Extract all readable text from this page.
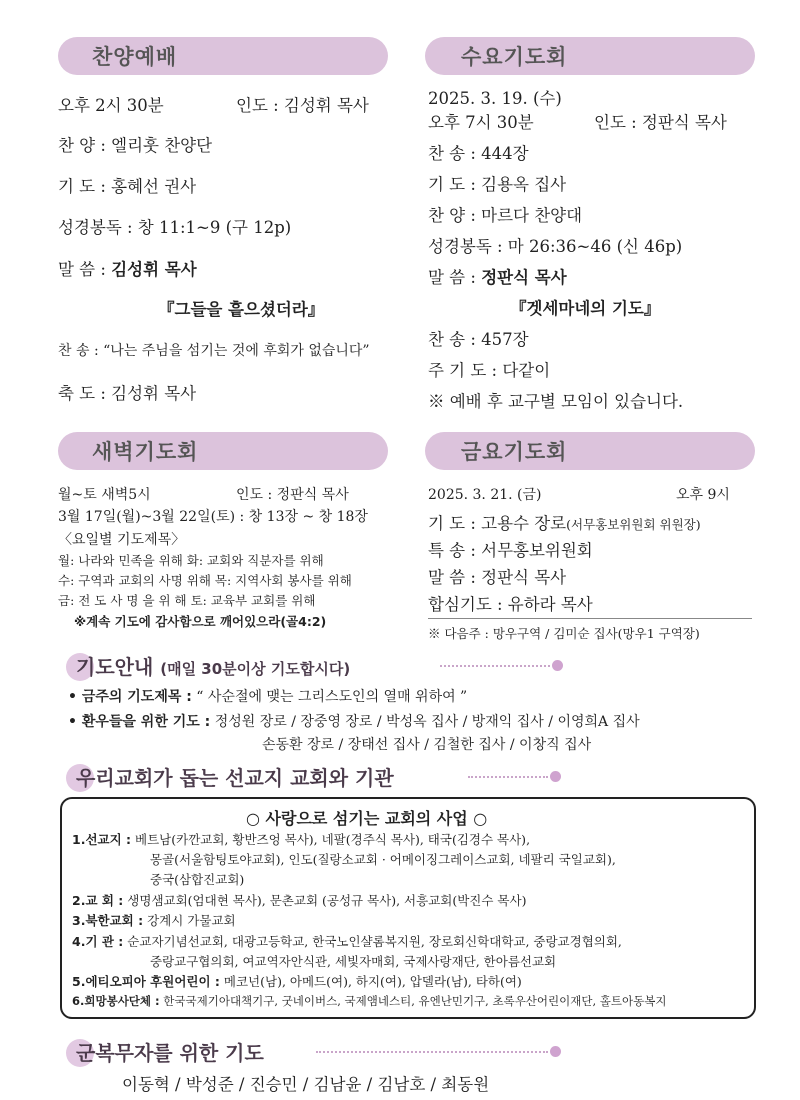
찬양예배
오후 2시 30분	인도 : 김성휘 목사
찬 양 : 엘리훗 찬양단
기 도 : 홍혜선 권사
성경봉독 : 창 11:1~9 (구 12p)
말 씀 : 김성휘 목사
『그들을 흩으셨더라』
찬 송 : “나는 주님을 섬기는 것에 후회가 없습니다”
축 도 : 김성휘 목사
수요기도회
2025. 3. 19. (수)
오후 7시 30분	인도 : 정판식 목사
찬 송 : 444장
기 도 : 김용옥 집사
찬 양 : 마르다 찬양대
성경봉독 : 마 26:36~46 (신 46p)
말 씀 : 정판식 목사
『겟세마네의 기도』
찬 송 : 457장
주 기 도 : 다같이
※ 예배 후 교구별 모임이 있습니다.
새벽기도회
월~토 새벽5시	인도 : 정판식 목사
3월 17일(월)~3월 22일(토) : 창 13장 ~ 창 18장
〈요일별 기도제목〉
월: 나라와 민족을 위해 화: 교회와 직분자를 위해
수: 구역과 교회의 사명 위해 목: 지역사회 봉사를 위해
금: 전 도 사 명 을 위 해 토: 교육부 교회를 위해
※계속 기도에 감사함으로 깨어있으라(골4:2)
금요기도회
2025. 3. 21. (금)	오후 9시
기 도 : 고용수 장로(서무홍보위원회 위원장)
특 송 : 서무홍보위원회
말 씀 : 정판식 목사
합심기도 : 유하라 목사
※ 다음주 : 망우구역 / 김미순 집사(망우1 구역장)
기도안내 (매일 30분이상 기도합시다)
• 금주의 기도제목 : “ 사순절에 맺는 그리스도인의 열매 위하여 ”
• 환우들을 위한 기도 : 정성원 장로 / 장중영 장로 / 박성옥 집사 / 방재익 집사 / 이영희A 집사
손동환 장로 / 장태선 집사 / 김철한 집사 / 이창직 집사
우리교회가 돕는 선교지 교회와 기관
○ 사랑으로 섬기는 교회의 사업 ○
1.선교지 : 베트남(카깐교회, 황반즈엉 목사), 네팔(경주식 목사), 태국(김경수 목사),
몽골(서울함팅토야교회), 인도(질랑소교회 · 어메이징그레이스교회, 네팔리 국일교회),
중국(삼합진교회)
2.교 회 : 생명샘교회(엄대현 목사), 문촌교회 (공성규 목사), 서흥교회(박진수 목사)
3.북한교회 : 강계시 가물교회
4.기 관 : 순교자기념선교회, 대광고등학교, 한국노인샬롬복지원, 장로회신학대학교, 중랑교경협의회,
중랑교구협의회, 여교역자안식관, 세빛자매회, 국제사랑재단, 한아름선교회
5.에티오피아 후원어린이 : 메코넌(남), 아메드(여), 하지(여), 압델라(남), 타하(여)
6.희망봉사단체 : 한국국제기아대책기구, 굿네이버스, 국제앰네스티, 유엔난민기구, 초록우산어린이재단, 홀트아동복지
군복무자를 위한 기도
이동혁 / 박성준 / 진승민 / 김남윤 / 김남호 / 최동원
